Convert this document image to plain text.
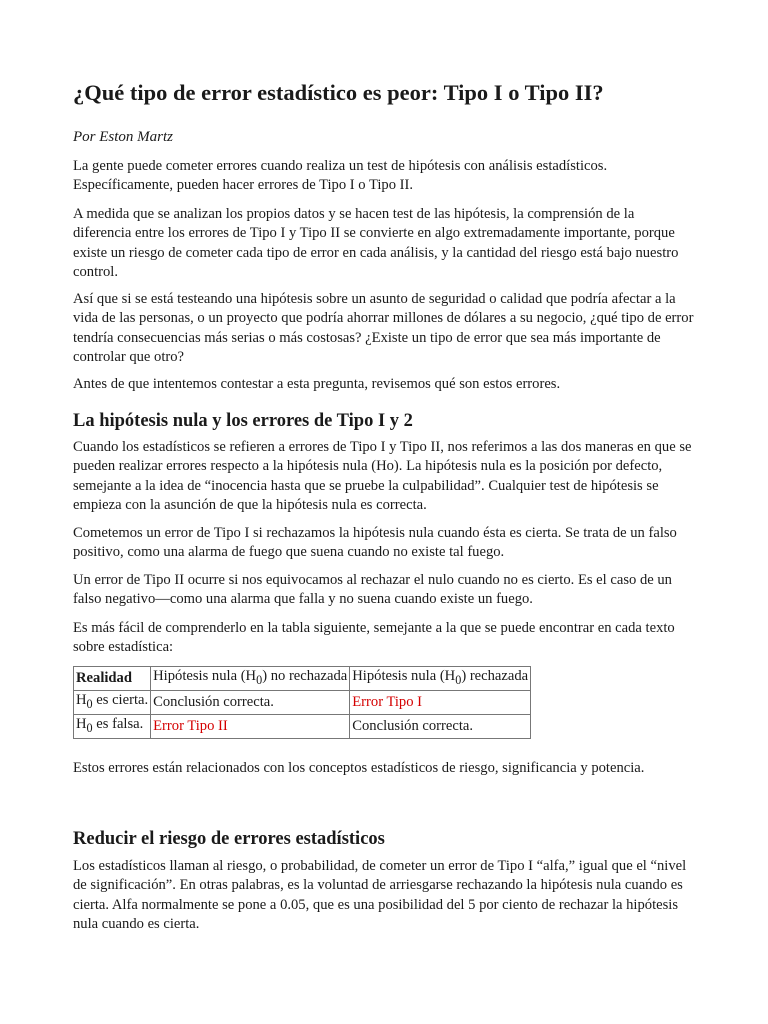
¿Qué tipo de error estadístico es peor: Tipo I o Tipo II?

Por Eston Martz

La gente puede cometer errores cuando realiza un test de hipótesis con análisis estadísticos. Específicamente, pueden hacer errores de Tipo I o Tipo II.

A medida que se analizan los propios datos y se hacen test de las hipótesis, la comprensión de la diferencia entre los errores de Tipo I y Tipo II se convierte en algo extremadamente importante, porque existe un riesgo de cometer cada tipo de error en cada análisis, y la cantidad del riesgo está bajo nuestro control.

Así que si se está testeando una hipótesis sobre un asunto de seguridad o calidad que podría afectar a la vida de las personas, o un proyecto que podría ahorrar millones de dólares a su negocio, ¿qué tipo de error tendría consecuencias más serias o más costosas? ¿Existe un tipo de error que sea más importante de controlar que otro?

Antes de que intentemos contestar a esta pregunta, revisemos qué son estos errores.

La hipótesis nula y los errores de Tipo I y 2

Cuando los estadísticos se refieren a errores de Tipo I y Tipo II, nos referimos a las dos maneras en que se pueden realizar errores respecto a la hipótesis nula (Ho). La hipótesis nula es la posición por defecto, semejante a la idea de “inocencia hasta que se pruebe la culpabilidad”. Cualquier test de hipótesis se empieza con la asunción de que la hipótesis nula es correcta.

Cometemos un error de Tipo I si rechazamos la hipótesis nula cuando ésta es cierta. Se trata de un falso positivo, como una alarma de fuego que suena cuando no existe tal fuego.

Un error de Tipo II ocurre si nos equivocamos al rechazar el nulo cuando no es cierto. Es el caso de un falso negativo—como una alarma que falla y no suena cuando existe un fuego.

Es más fácil de comprenderlo en la tabla siguiente, semejante a la que se puede encontrar en cada texto sobre estadística:

Realidad	Hipótesis nula $(H_0)$ no rechazada	Hipótesis nula $(H_0)$ rechazada
$H_0$ es cierta.	Conclusión correcta.	Error Tipo I
$H_0$ es falsa.	Error Tipo II	Conclusión correcta.

Estos errores están relacionados con los conceptos estadísticos de riesgo, significancia y potencia.

Reducir el riesgo de errores estadísticos

Los estadísticos llaman al riesgo, o probabilidad, de cometer un error de Tipo I “alfa,” igual que el “nivel de significación”. En otras palabras, es la voluntad de arriesgarse rechazando la hipótesis nula cuando es cierta. Alfa normalmente se pone a 0.05, que es una posibilidad del 5 por ciento de rechazar la hipótesis nula cuando es cierta.
